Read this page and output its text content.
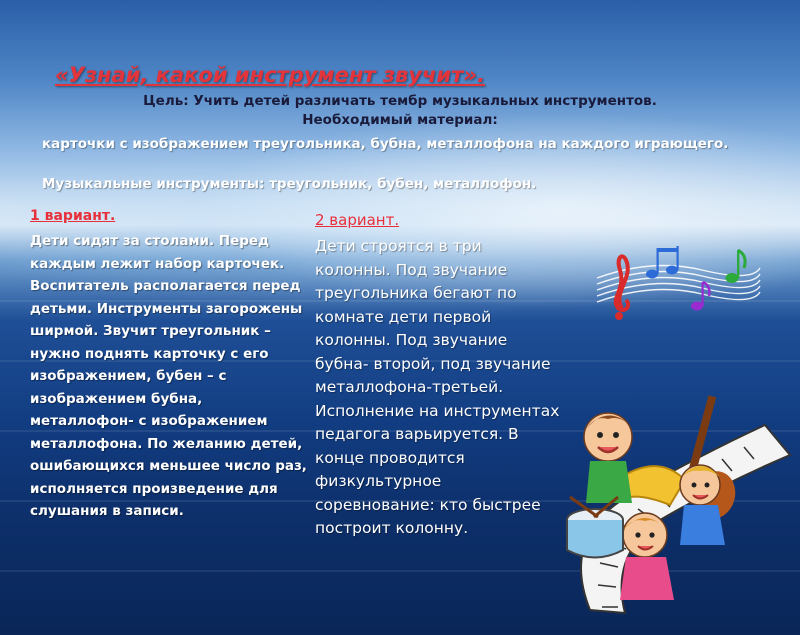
«Узнай, какой инструмент звучит».

Цель: Учить детей различать тембр музыкальных инструментов.

Необходимый материал:

карточки с изображением треугольника, бубна, металлофона на каждого играющего.

Музыкальные инструменты: треугольник, бубен, металлофон.

1 вариант.

Дети сидят за столами. Перед каждым лежит набор карточек. Воспитатель располагается перед детьми. Инструменты загорожены ширмой. Звучит треугольник – нужно поднять карточку с его изображением, бубен – с изображением бубна, металлофон- с изображением металлофона. По желанию детей, ошибающихся меньшее число раз, исполняется произведение для слушания в записи.

2 вариант.

Дети строятся в три колонны. Под звучание треугольника бегают по комнате дети первой колонны. Под звучание бубна- второй, под звучание металлофона-третьей. Исполнение на инструментах педагога варьируется. В конце проводится физкультурное соревнование: кто быстрее построит колонну.
